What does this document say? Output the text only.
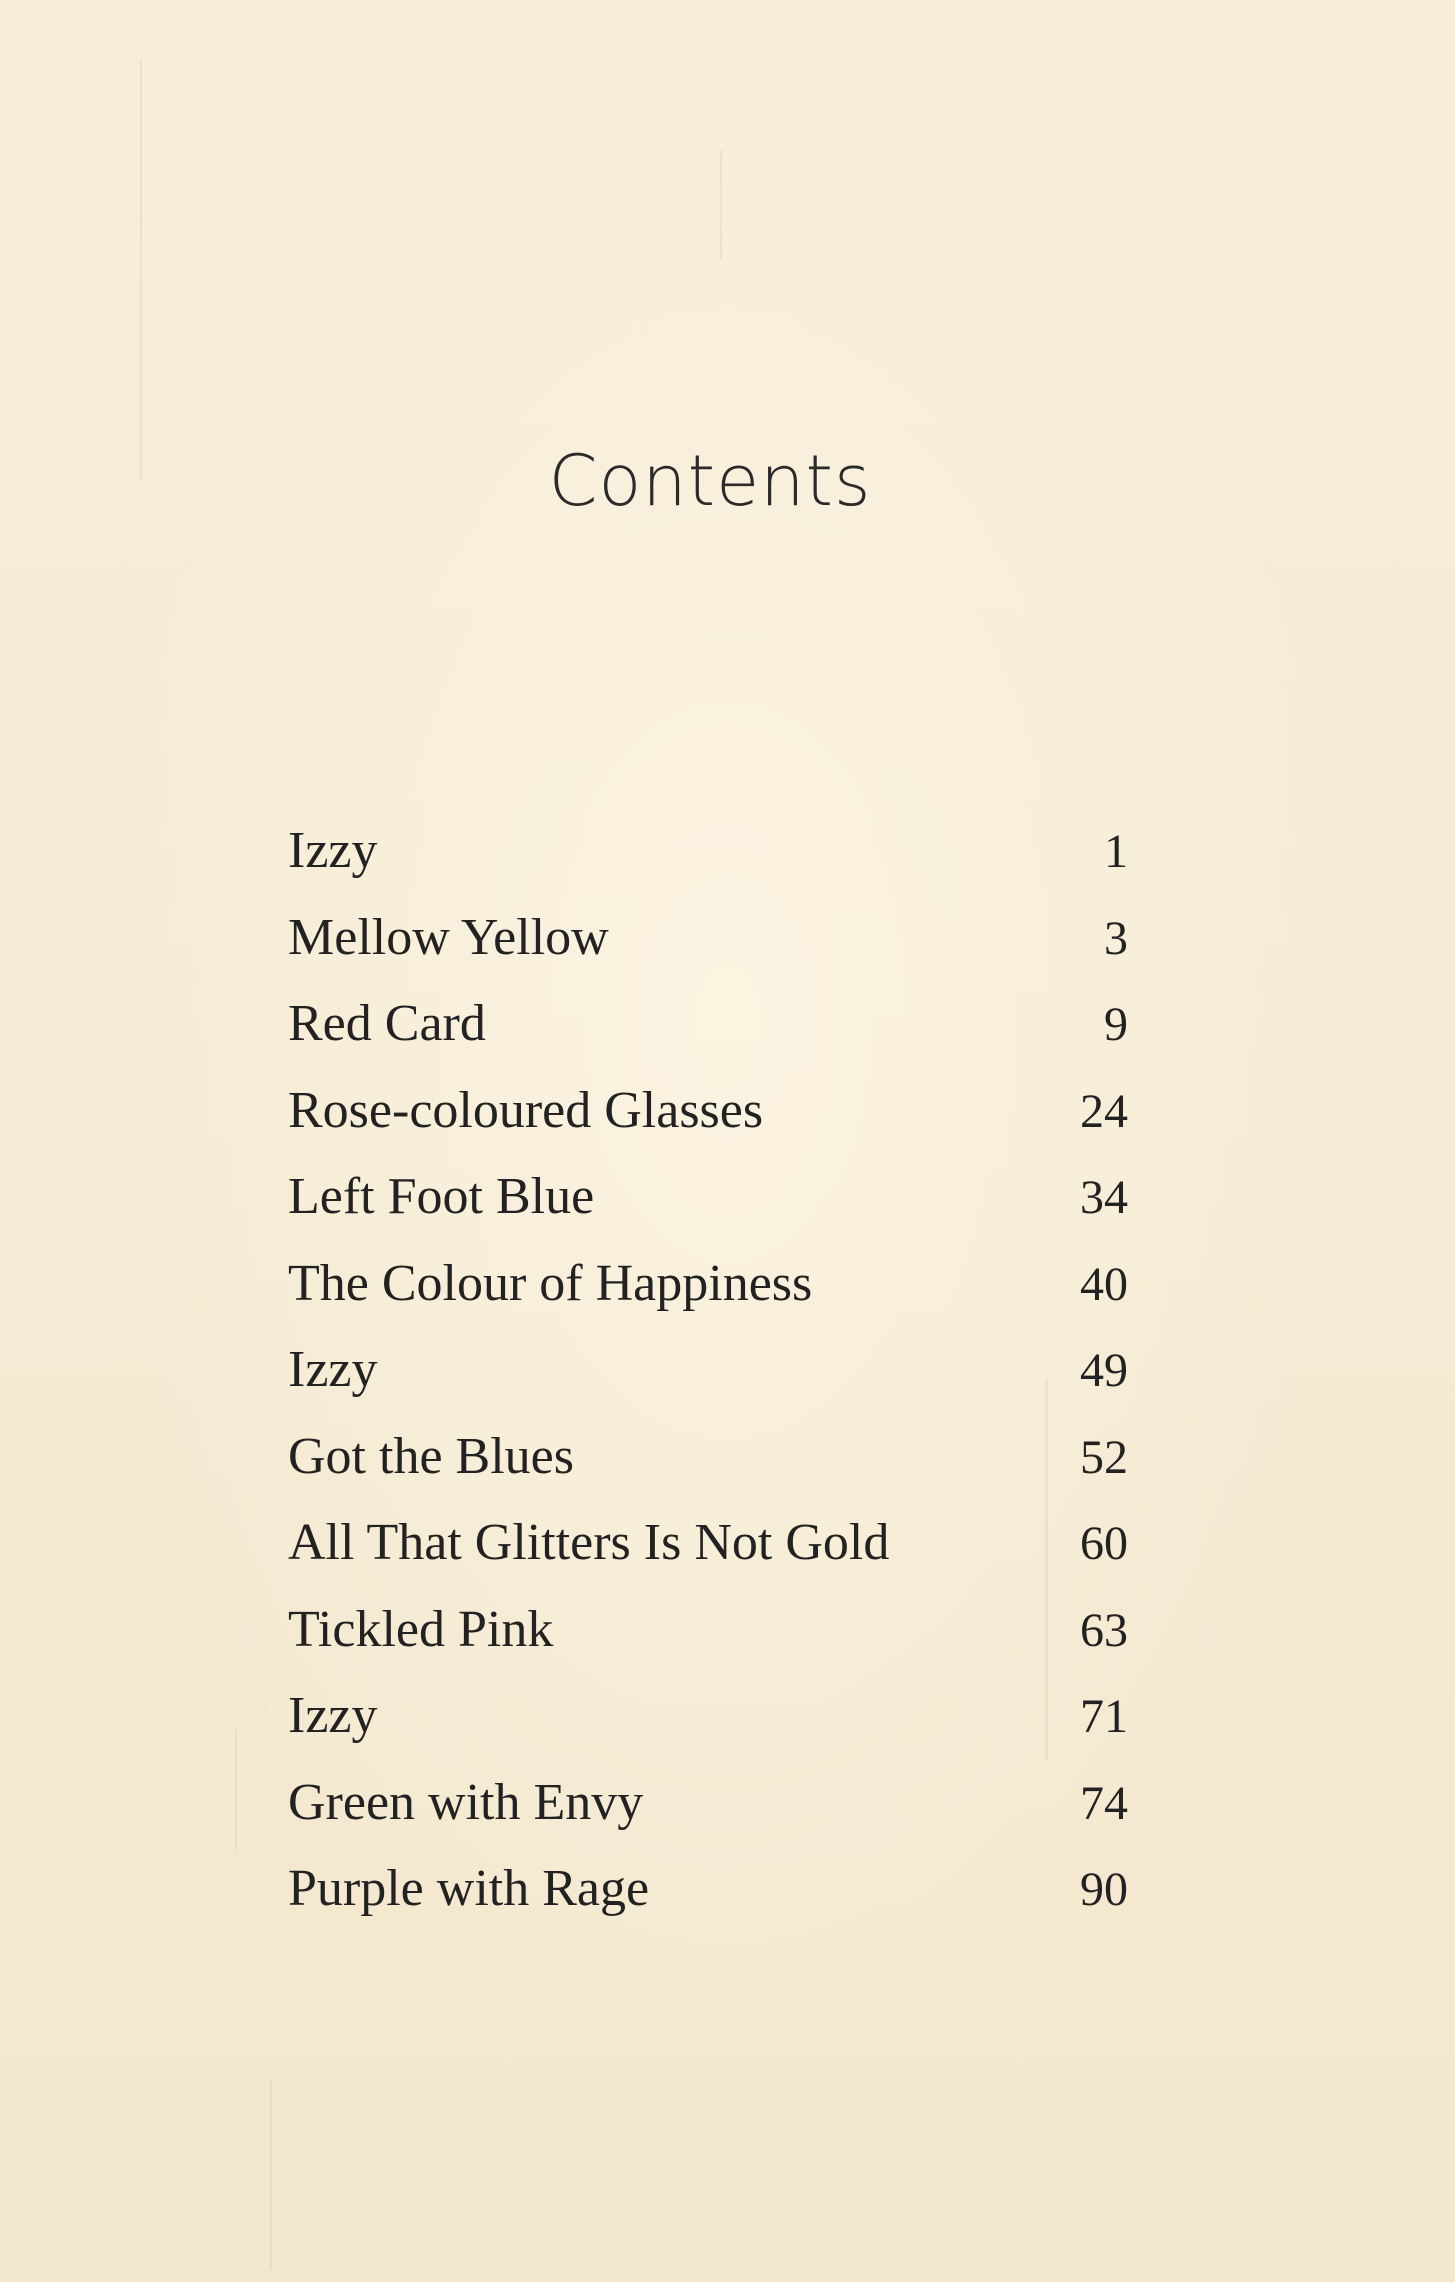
Contents
Izzy	1
Mellow Yellow	3
Red Card	9
Rose-coloured Glasses	24
Left Foot Blue	34
The Colour of Happiness	40
Izzy	49
Got the Blues	52
All That Glitters Is Not Gold	60
Tickled Pink	63
Izzy	71
Green with Envy	74
Purple with Rage	90
